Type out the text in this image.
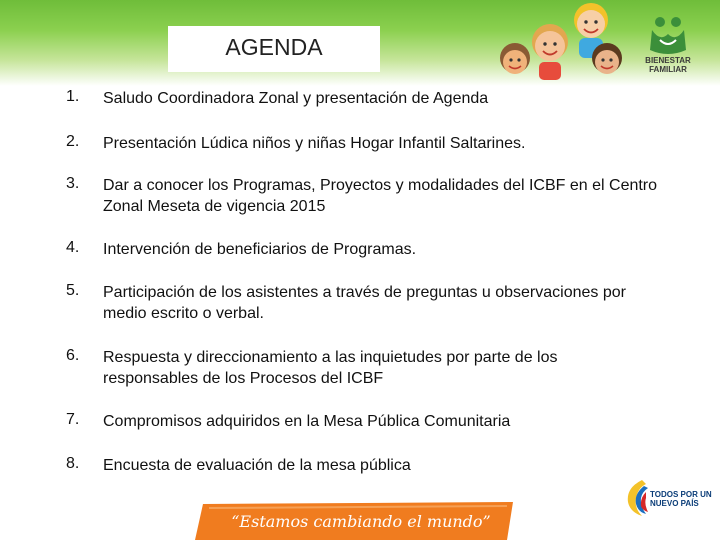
AGENDA
BIENESTAR FAMILIAR
1. Saludo Coordinadora Zonal y presentación de Agenda
2. Presentación Lúdica niños y niñas Hogar Infantil Saltarines.
3. Dar a conocer los Programas, Proyectos y modalidades del ICBF en el Centro Zonal Meseta de vigencia 2015
4. Intervención de beneficiarios de Programas.
5. Participación de los asistentes a través de preguntas u observaciones por medio escrito o verbal.
6. Respuesta y direccionamiento a las inquietudes por parte de los responsables de los Procesos del ICBF
7. Compromisos adquiridos en la Mesa Pública Comunitaria
8. Encuesta de evaluación de la mesa pública
“Estamos cambiando el mundo”
TODOS POR UN NUEVO PAÍS
